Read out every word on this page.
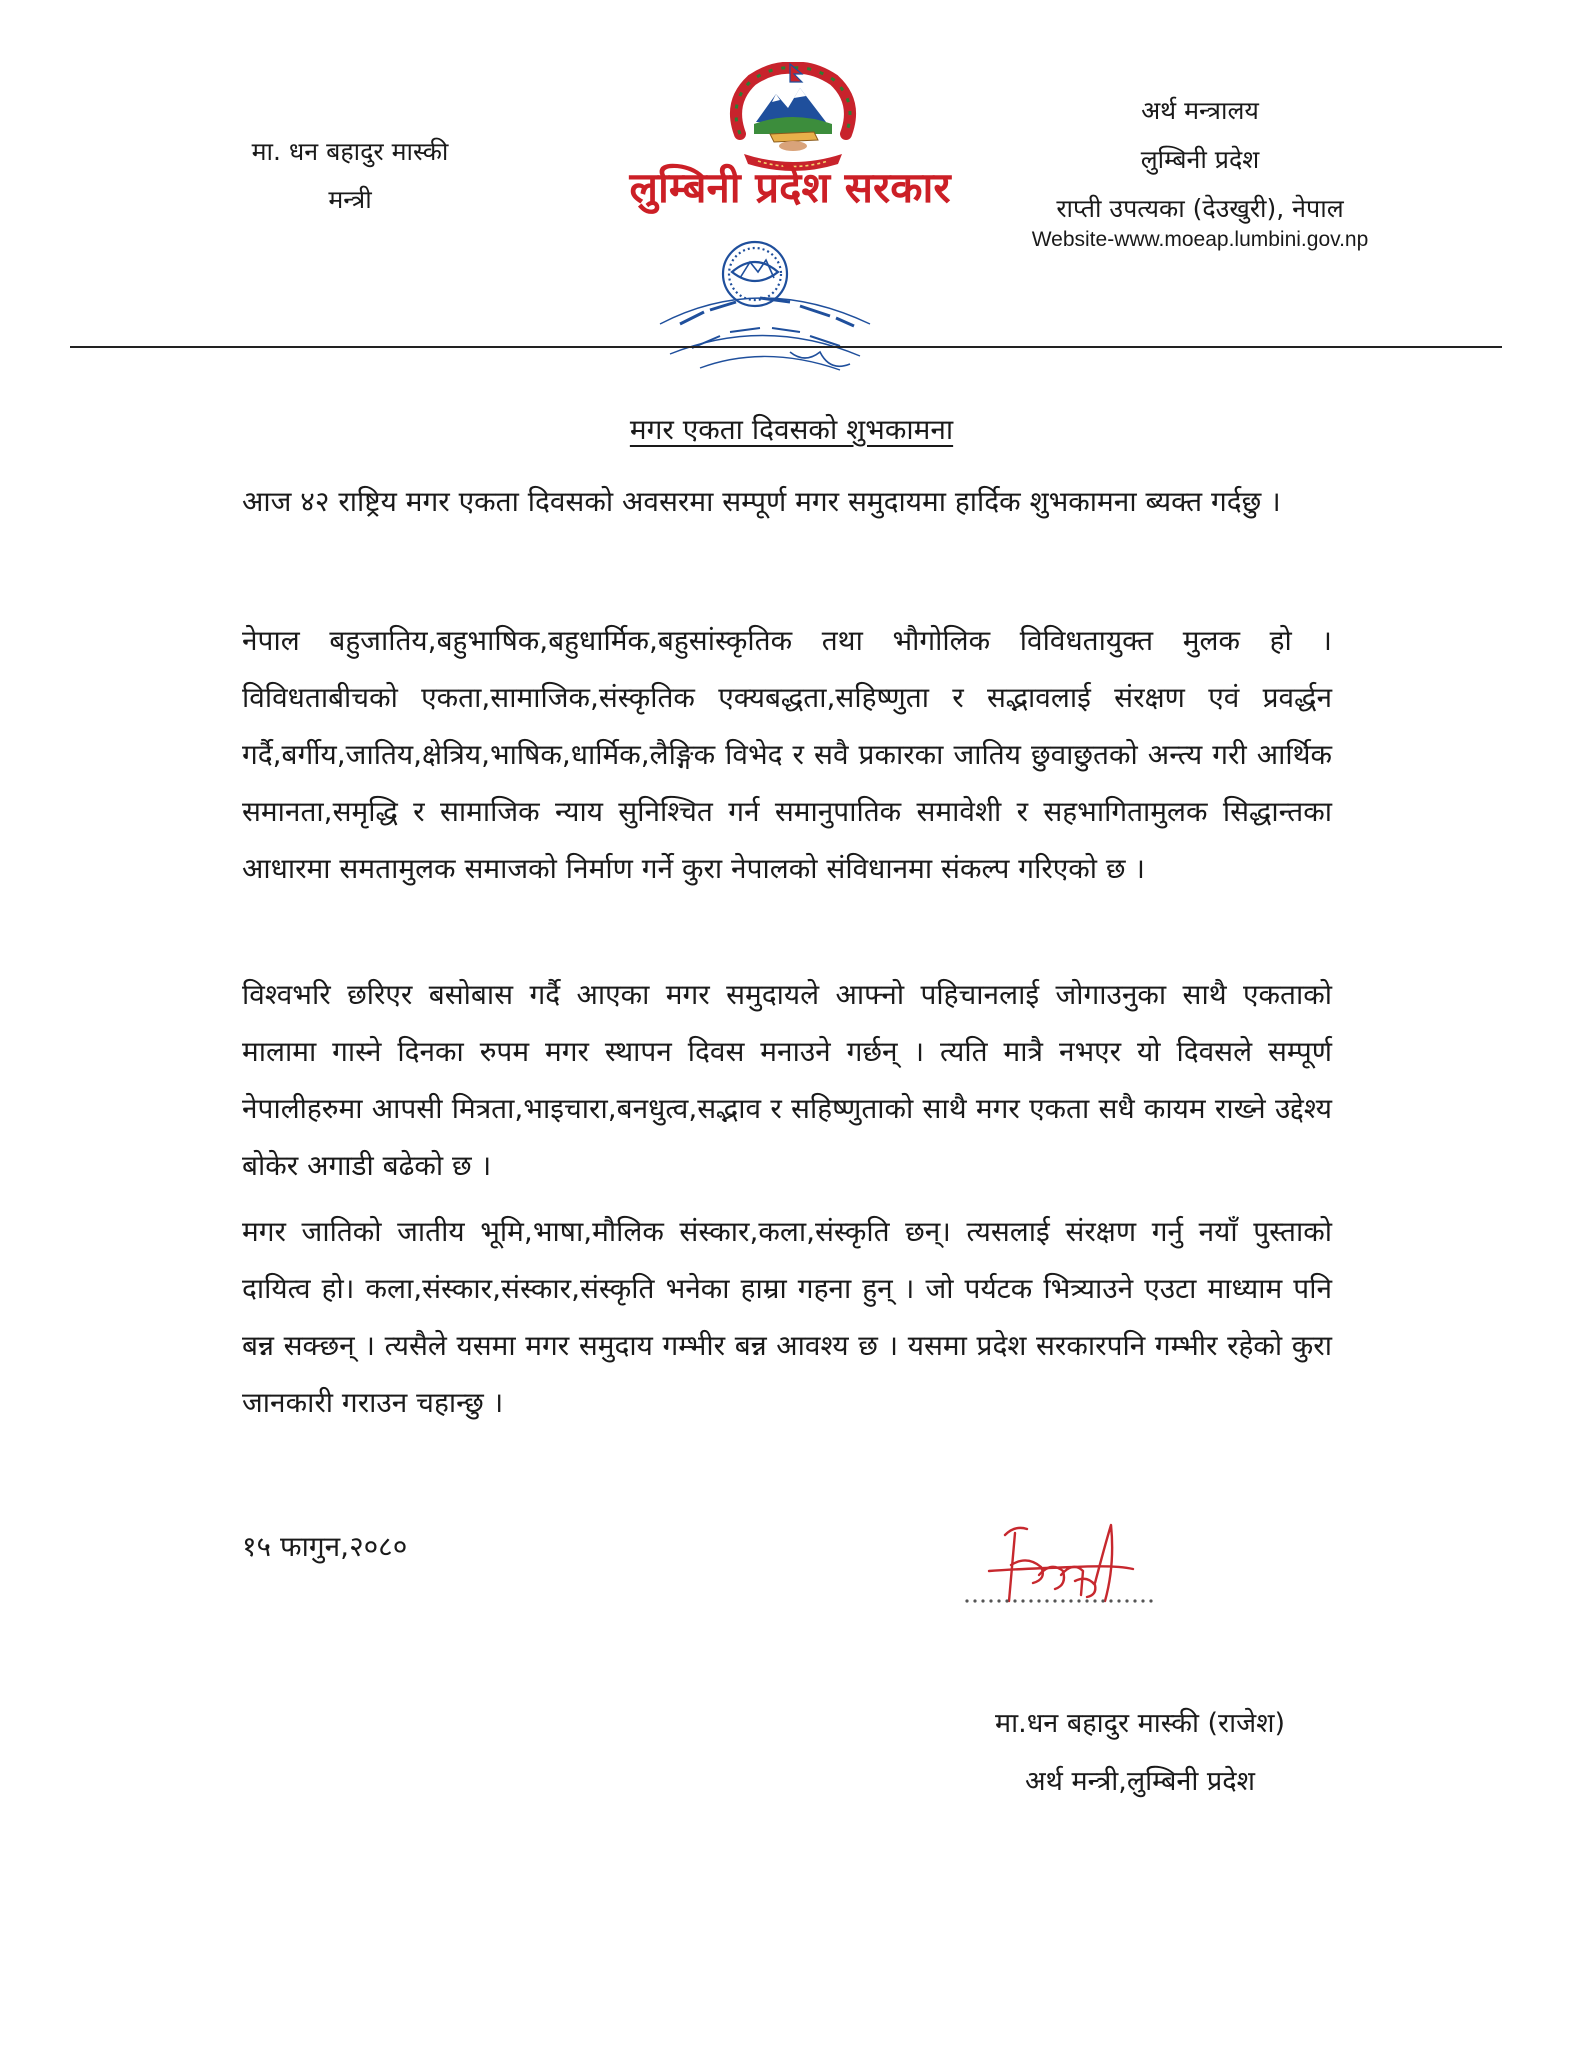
मा. धन बहादुर मास्की
मन्त्री	लुम्बिनी प्रदेश सरकार
अर्थ मन्त्रालय
लुम्बिनी प्रदेश
राप्ती उपत्यका (देउखुरी), नेपाल
Website-www.moeap.lumbini.gov.np
मगर एकता दिवसको शुभकामना

आज ४२ राष्ट्रिय मगर एकता दिवसको अवसरमा सम्पूर्ण मगर समुदायमा हार्दिक शुभकामना ब्यक्त गर्दछु ।

नेपाल बहुजातिय,बहुभाषिक,बहुधार्मिक,बहुसांस्कृतिक तथा भौगोलिक विविधतायुक्त मुलक हो । विविधताबीचको एकता,सामाजिक,संस्कृतिक एक्यबद्धता,सहिष्णुता र सद्भावलाई संरक्षण एवं प्रवर्द्धन गर्दै,बर्गीय,जातिय,क्षेत्रिय,भाषिक,धार्मिक,लैङ्गिक विभेद र सवै प्रकारका जातिय छुवाछुतको अन्त्य गरी आर्थिक समानता,समृद्धि र सामाजिक न्याय सुनिश्चित गर्न समानुपातिक समावेशी र सहभागितामुलक सिद्धान्तका आधारमा समतामुलक समाजको निर्माण गर्ने कुरा नेपालको संविधानमा संकल्प गरिएको छ ।

विश्वभरि छरिएर बसोबास गर्दै आएका मगर समुदायले आफ्नो पहिचानलाई जोगाउनुका साथै एकताको मालामा गास्ने दिनका रुपम मगर स्थापन दिवस मनाउने गर्छन् । त्यति मात्रै नभएर यो दिवसले सम्पूर्ण नेपालीहरुमा आपसी मित्रता,भाइचारा,बनधुत्व,सद्भाव र सहिष्णुताको साथै मगर एकता सधै कायम राख्ने उद्देश्य बोकेर अगाडी बढेको छ ।

मगर जातिको जातीय भूमि,भाषा,मौलिक संस्कार,कला,संस्कृति छन्। त्यसलाई संरक्षण गर्नु नयाँ पुस्ताको दायित्व हो। कला,संस्कार,संस्कार,संस्कृति भनेका हाम्रा गहना हुन् । जो पर्यटक भित्र्याउने एउटा माध्याम पनि बन्न सक्छन् । त्यसैले यसमा मगर समुदाय गम्भीर बन्न आवश्य छ । यसमा प्रदेश सरकारपनि गम्भीर रहेको कुरा जानकारी गराउन चहान्छु ।

१५ फागुन,२०८०
मा.धन बहादुर मास्की (राजेश)
अर्थ मन्त्री,लुम्बिनी प्रदेश
